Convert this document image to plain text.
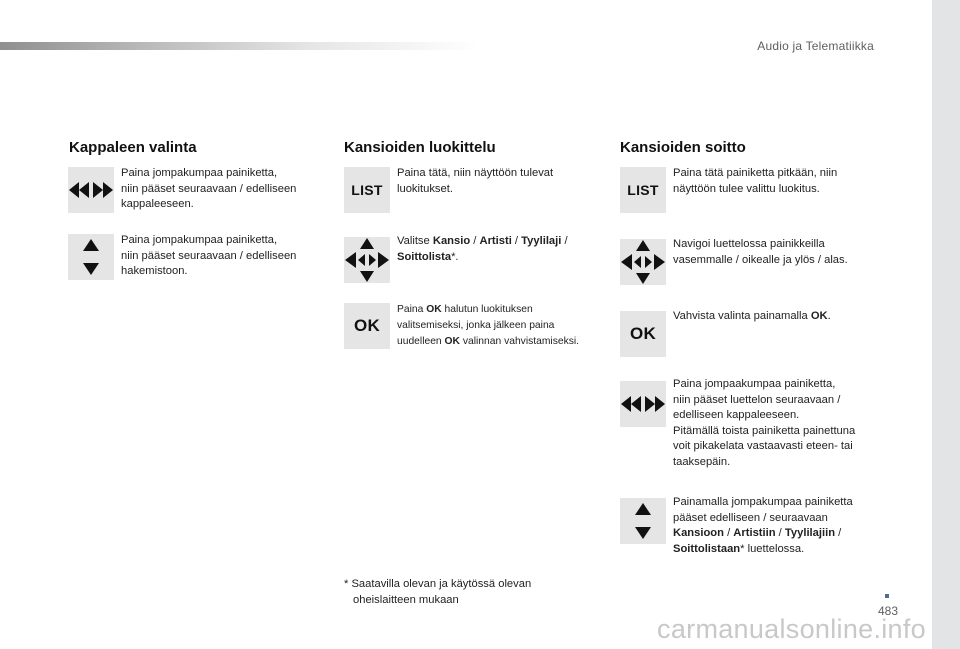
Audio ja Telematiikka
Kappaleen valinta
Paina jompakumpaa painiketta,
niin pääset seuraavaan / edelliseen
kappaleeseen.
Paina jompakumpaa painiketta,
niin pääset seuraavaan / edelliseen
hakemistoon.
Kansioiden luokittelu
LIST
Paina tätä, niin näyttöön tulevat
luokitukset.
Valitse Kansio / Artisti / Tyylilaji /
Soittolista*.
OK
Paina OK halutun luokituksen
valitsemiseksi, jonka jälkeen paina
uudelleen OK valinnan vahvistamiseksi.
Kansioiden soitto
LIST
Paina tätä painiketta pitkään, niin
näyttöön tulee valittu luokitus.
Navigoi luettelossa painikkeilla
vasemmalle / oikealle ja ylös / alas.
OK
Vahvista valinta painamalla OK.
Paina jompaakumpaa painiketta,
niin pääset luettelon seuraavaan /
edelliseen kappaleeseen.
Pitämällä toista painiketta painettuna
voit pikakelata vastaavasti eteen- tai
taaksepäin.
Painamalla jompakumpaa painiketta
pääset edelliseen / seuraavaan
Kansioon / Artistiin / Tyylilajiin /
Soittolistaan* luettelossa.
* Saatavilla olevan ja käytössä olevan
oheislaitteen mukaan
483
carmanualsonline.info
